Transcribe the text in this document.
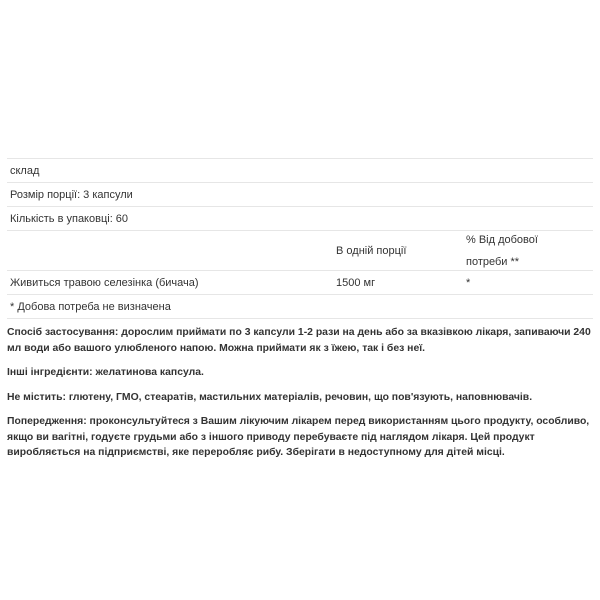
склад
Розмір порції: 3 капсули
Кількість в упаковці: 60
В одній порції
% Від добової потреби **
Живиться травою селезінка (бичача)	1500 мг	*
* Добова потреба не визначена

Спосіб застосування: дорослим приймати по 3 капсули 1-2 рази на день або за вказівкою лікаря, запиваючи 240 мл води або вашого улюбленого напою. Можна приймати як з їжею, так і без неї.

Інші інгредієнти: желатинова капсула.

Не містить: глютену, ГМО, стеаратів, мастильних матеріалів, речовин, що пов'язують, наповнювачів.

Попередження: проконсультуйтеся з Вашим лікуючим лікарем перед використанням цього продукту, особливо, якщо ви вагітні, годуєте грудьми або з іншого приводу перебуваєте під наглядом лікаря. Цей продукт виробляється на підприємстві, яке переробляє рибу. Зберігати в недоступному для дітей місці.
